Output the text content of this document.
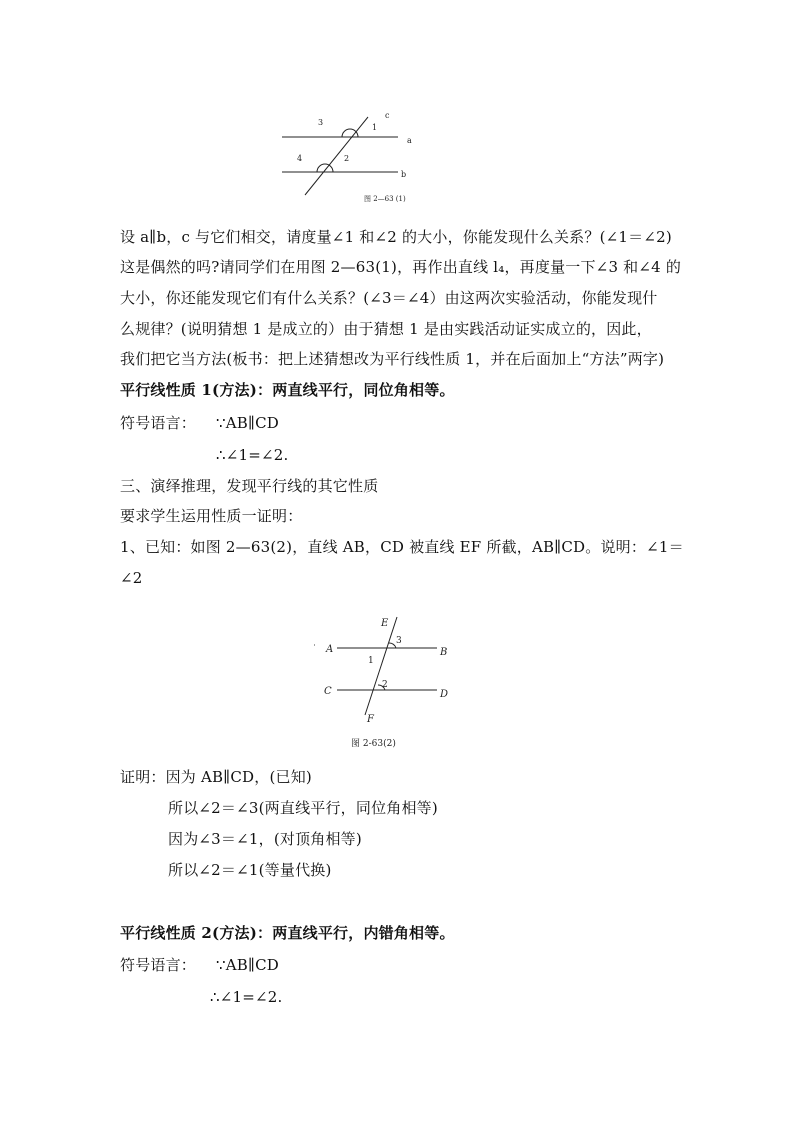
3
1
c
a
4	2
b
图 2—63 (1)
设 a∥b，c 与它们相交，请度量∠1 和∠2 的大小，你能发现什么关系？(∠1＝∠2)
这是偶然的吗?请同学们在用图 2—63(1)，再作出直线 l₄，再度量一下∠3 和∠4 的
大小，你还能发现它们有什么关系？(∠3＝∠4）由这两次实验活动，你能发现什
么规律？(说明猜想 1 是成立的）由于猜想 1 是由实践活动证实成立的，因此，
我们把它当方法(板书：把上述猜想改为平行线性质 1，并在后面加上“方法”两字)
平行线性质 1(方法)：两直线平行，同位角相等。
符号语言： ∵AB∥CD
∴∠1=∠2.
三、演绎推理，发现平行线的其它性质
要求学生运用性质一证明：
1、已知：如图 2—63(2)，直线 AB，CD 被直线 EF 所截，AB∥CD。说明：∠1＝
∠2
E
3
A	B
1
2
C	D
F
图 2-63(2)
证明：因为 AB∥CD，(已知)
所以∠2＝∠3(两直线平行，同位角相等)
因为∠3＝∠1，(对顶角相等)
所以∠2＝∠1(等量代换)
平行线性质 2(方法)：两直线平行，内错角相等。
符号语言： ∵AB∥CD
∴∠1=∠2.
